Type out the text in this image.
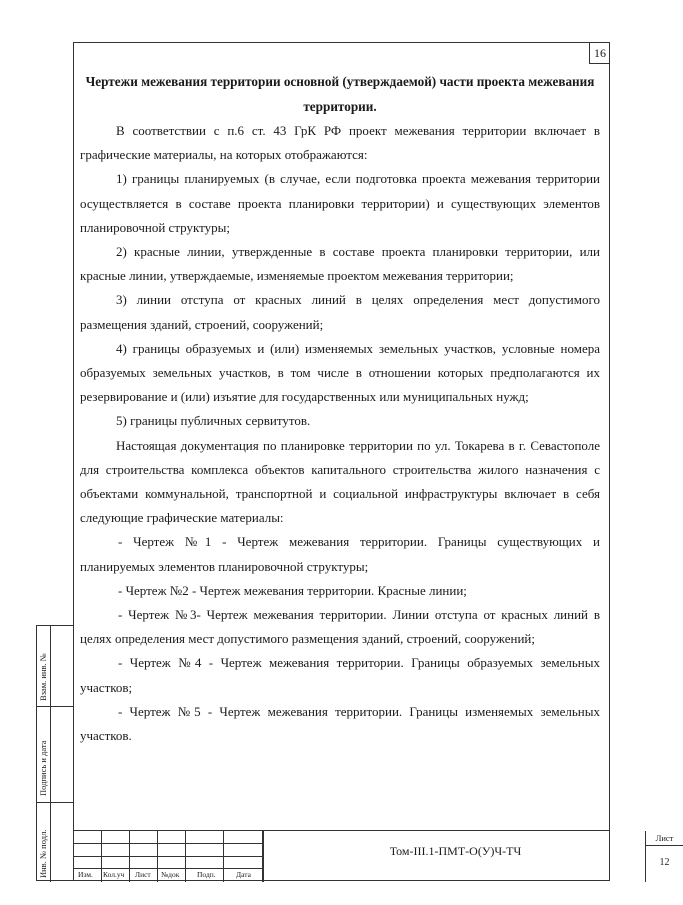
16

Чертежи межевания территории основной (утверждаемой) части проекта межевания территории.

В соответствии с п.6 ст. 43 ГрК РФ проект межевания территории включает в графические материалы, на которых отображаются:

1) границы планируемых (в случае, если подготовка проекта межевания территории осуществляется в составе проекта планировки территории) и существующих элементов планировочной структуры;

2) красные линии, утвержденные в составе проекта планировки территории, или красные линии, утверждаемые, изменяемые проектом межевания территории;

3) линии отступа от красных линий в целях определения мест допустимого размещения зданий, строений, сооружений;

4) границы образуемых и (или) изменяемых земельных участков, условные номера образуемых земельных участков, в том числе в отношении которых предполагаются их резервирование и (или) изъятие для государственных или муниципальных нужд;

5) границы публичных сервитутов.

Настоящая документация по планировке территории по ул. Токарева в г. Севастополе для строительства комплекса объектов капитального строительства жилого назначения с объектами коммунальной, транспортной и социальной инфраструктуры включает в себя следующие графические материалы:

- Чертеж №1 - Чертеж межевания территории. Границы существующих и планируемых элементов планировочной структуры;

- Чертеж №2 - Чертеж межевания территории. Красные линии;

- Чертеж №3- Чертеж межевания территории. Линии отступа от красных линий в целях определения мест допустимого размещения зданий, строений, сооружений;

- Чертеж №4 - Чертеж межевания территории. Границы образуемых земельных участков;

- Чертеж №5 - Чертеж межевания территории. Границы изменяемых земельных участков.

Взам. инв. №
Подпись и дата
Инв. № подл.	Изм. Кол.уч Лист №док Подп.	Дата
Том-III.1-ПМТ-О(У)Ч-ТЧ
Лист
12
